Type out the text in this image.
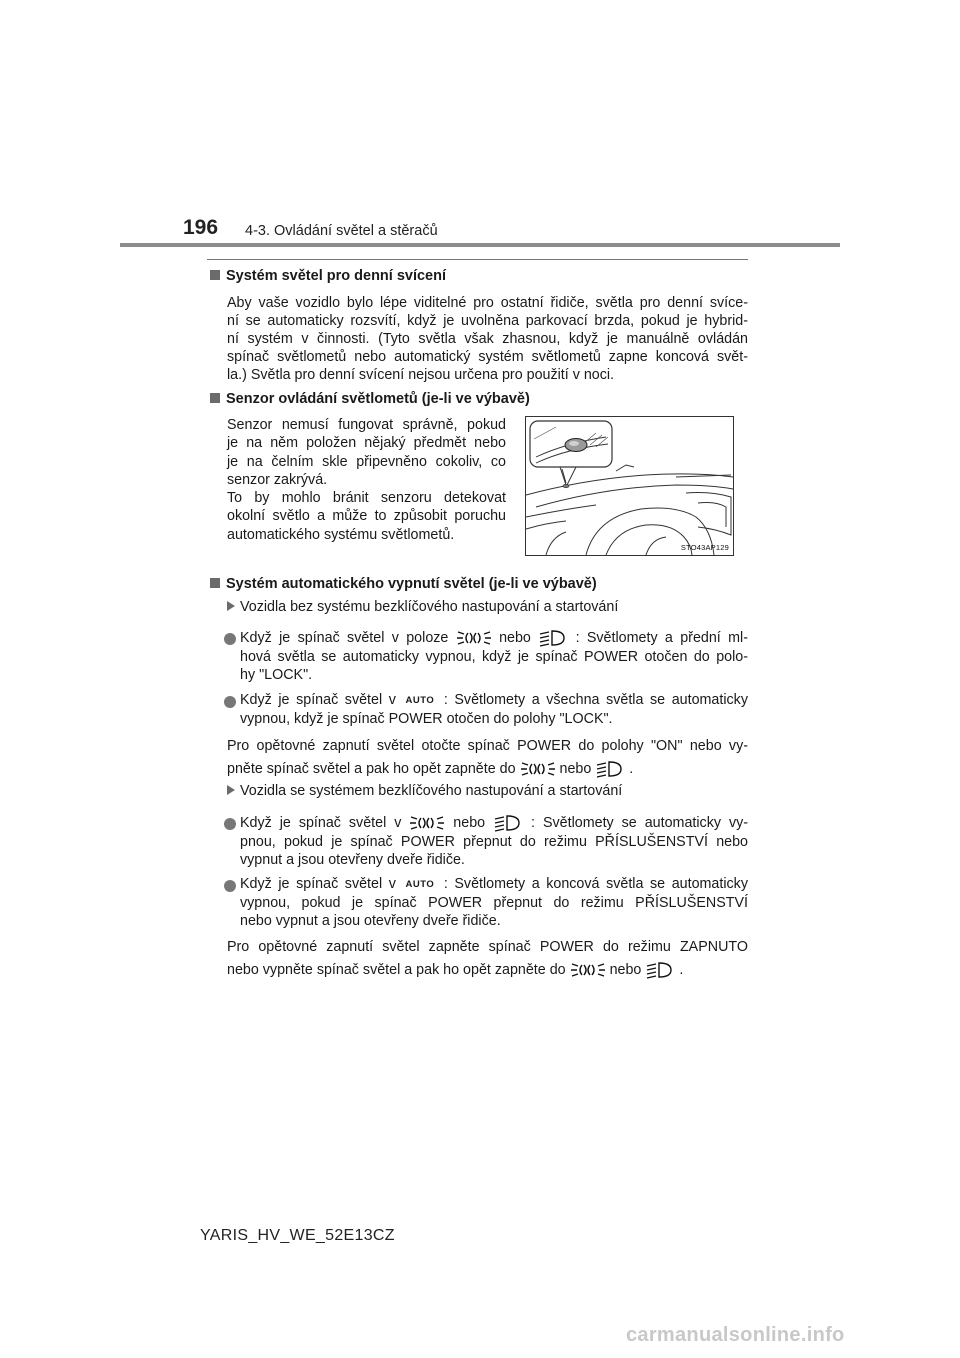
196 4-3. Ovládání světel a stěračů
Systém světel pro denní svícení
Aby vaše vozidlo bylo lépe viditelné pro ostatní řidiče, světla pro denní svíce-
ní se automaticky rozsvítí, když je uvolněna parkovací brzda, pokud je hybrid-
ní systém v činnosti. (Tyto světla však zhasnou, když je manuálně ovládán
spínač světlometů nebo automatický systém světlometů zapne koncová svět-
la.) Světla pro denní svícení nejsou určena pro použití v noci.
Senzor ovládání světlometů (je-li ve výbavě)
Senzor nemusí fungovat správně, pokud
je na něm položen nějaký předmět nebo
je na čelním skle připevněno cokoliv, co
senzor zakrývá.
To by mohlo bránit senzoru detekovat
okolní světlo a může to způsobit poruchu
automatického systému světlometů.
STO43AP129
Systém automatického vypnutí světel (je-li ve výbavě)
Vozidla bez systému bezklíčového nastupování a startování
Když je spínač světel v poloze	nebo	: Světlomety a přední ml-
hová světla se automaticky vypnou, když je spínač POWER otočen do polo-
hy "LOCK".
Když je spínač světel v AUTO : Světlomety a všechna světla se automaticky
vypnou, když je spínač POWER otočen do polohy "LOCK".
Pro opětovné zapnutí světel otočte spínač POWER do polohy "ON" nebo vy-
pněte spínač světel a pak ho opět zapněte do	nebo	.
Vozidla se systémem bezklíčového nastupování a startování
Když je spínač světel v	nebo	: Světlomety se automaticky vy-
pnou, pokud je spínač POWER přepnut do režimu PŘÍSLUŠENSTVÍ nebo
vypnut a jsou otevřeny dveře řidiče.
Když je spínač světel v AUTO : Světlomety a koncová světla se automaticky
vypnou, pokud je spínač POWER přepnut do režimu PŘÍSLUŠENSTVÍ
nebo vypnut a jsou otevřeny dveře řidiče.
Pro opětovné zapnutí světel zapněte spínač POWER do režimu ZAPNUTO
nebo vypněte spínač světel a pak ho opět zapněte do	nebo	.
YARIS_HV_WE_52E13CZ
carmanualsonline.info
